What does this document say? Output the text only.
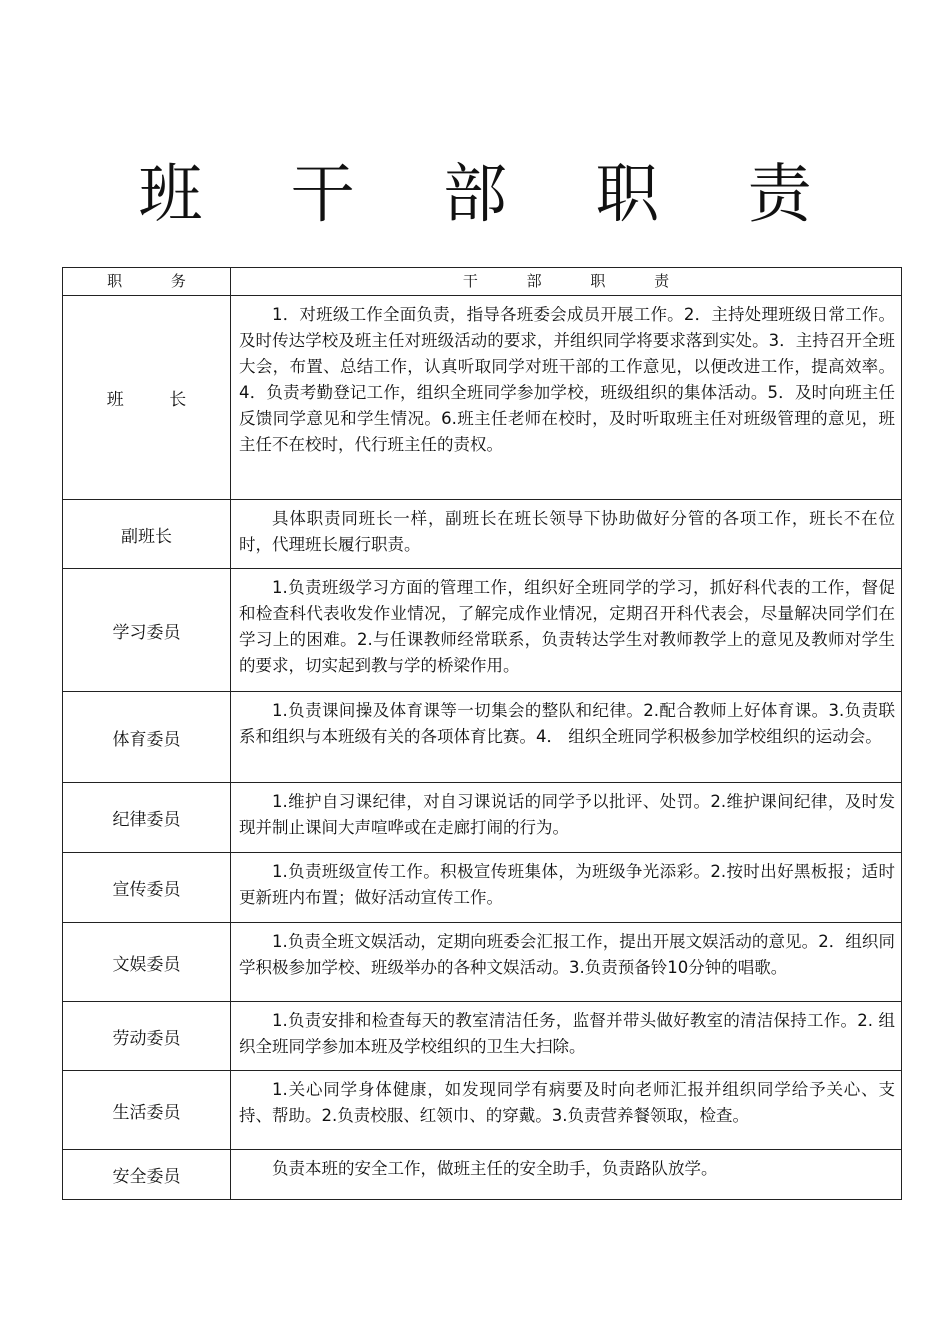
班 干 部 职 责
职 务	干 部 职 责
班 长	1．对班级工作全面负责，指导各班委会成员开展工作。2．主持处理班级日常工作。及时传达学校及班主任对班级活动的要求，并组织同学将要求落到实处。3．主持召开全班大会，布置、总结工作，认真听取同学对班干部的工作意见，以便改进工作，提高效率。4．负责考勤登记工作，组织全班同学参加学校，班级组织的集体活动。5．及时向班主任反馈同学意见和学生情况。6.班主任老师在校时，及时听取班主任对班级管理的意见，班主任不在校时，代行班主任的责权。
副班长	具体职责同班长一样，副班长在班长领导下协助做好分管的各项工作，班长不在位时，代理班长履行职责。
学习委员	1.负责班级学习方面的管理工作，组织好全班同学的学习，抓好科代表的工作，督促和检查科代表收发作业情况，了解完成作业情况，定期召开科代表会，尽量解决同学们在学习上的困难。2.与任课教师经常联系，负责转达学生对教师教学上的意见及教师对学生的要求，切实起到教与学的桥梁作用。
体育委员	1.负责课间操及体育课等一切集会的整队和纪律。2.配合教师上好体育课。3.负责联系和组织与本班级有关的各项体育比赛。4． 组织全班同学积极参加学校组织的运动会。
纪律委员	1.维护自习课纪律，对自习课说话的同学予以批评、处罚。2.维护课间纪律，及时发现并制止课间大声喧哗或在走廊打闹的行为。
宣传委员	1.负责班级宣传工作。积极宣传班集体，为班级争光添彩。2.按时出好黑板报；适时更新班内布置；做好活动宣传工作。
文娱委员	1.负责全班文娱活动，定期向班委会汇报工作，提出开展文娱活动的意见。2．组织同学积极参加学校、班级举办的各种文娱活动。3.负责预备铃10分钟的唱歌。
劳动委员	1.负责安排和检查每天的教室清洁任务，监督并带头做好教室的清洁保持工作。2. 组织全班同学参加本班及学校组织的卫生大扫除。
生活委员	1.关心同学身体健康，如发现同学有病要及时向老师汇报并组织同学给予关心、支持、帮助。2.负责校服、红领巾、的穿戴。3.负责营养餐领取，检查。
安全委员	负责本班的安全工作，做班主任的安全助手，负责路队放学。
